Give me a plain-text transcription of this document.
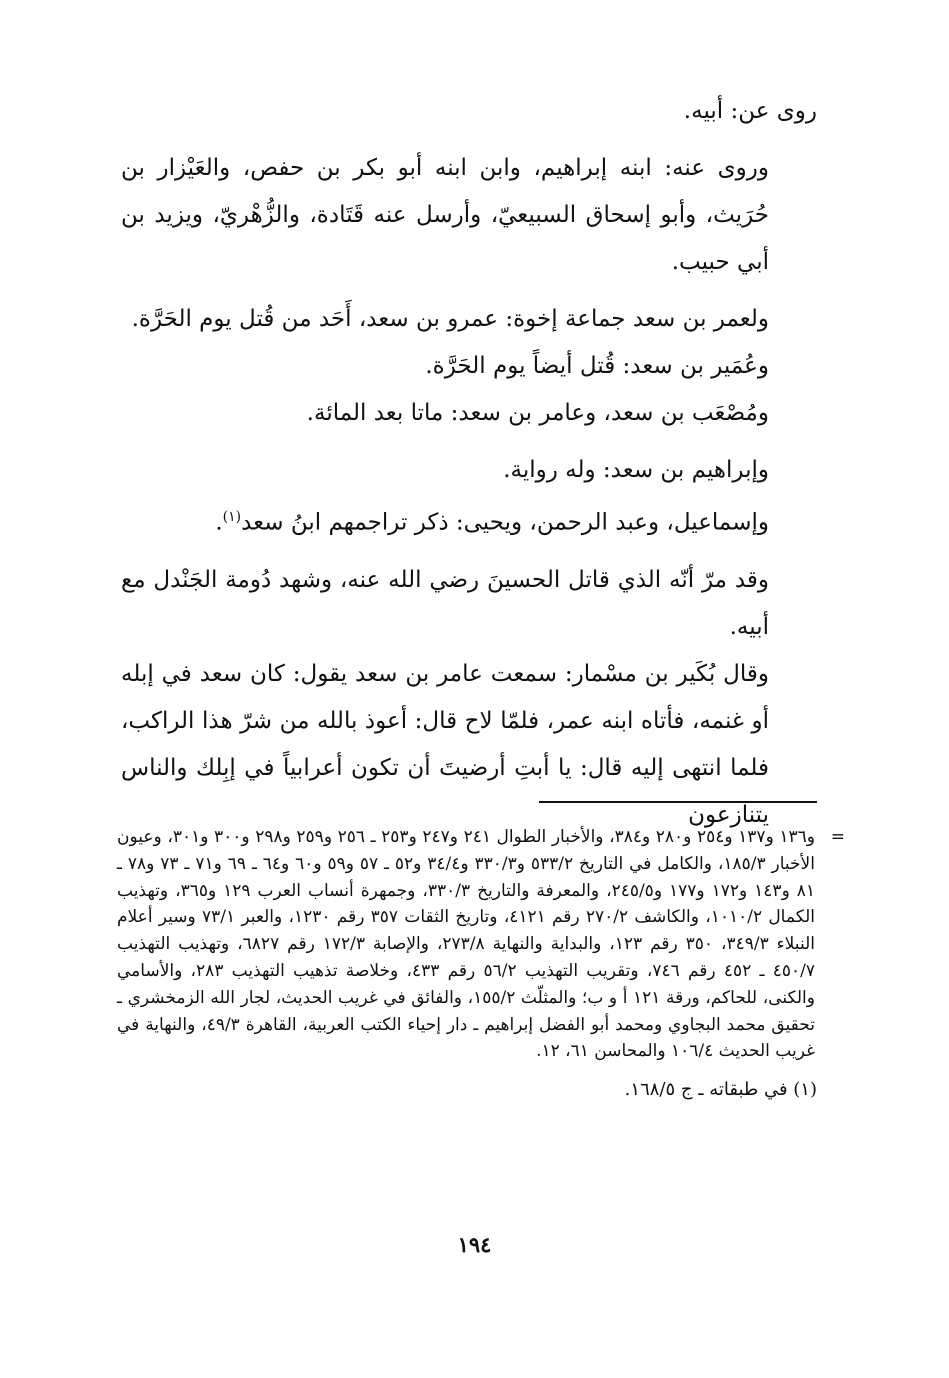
روى عن: أبيه.

وروى عنه: ابنه إبراهيم، وابن ابنه أبو بكر بن حفص، والعَيْزار بن حُرَيث، وأبو إسحاق السبيعيّ، وأرسل عنه قَتَادة، والزُّهْريّ، ويزيد بن أبي حبيب.

ولعمر بن سعد جماعة إخوة: عمرو بن سعد، أَحَد من قُتل يوم الحَرَّة.

وعُمَير بن سعد: قُتل أيضاً يوم الحَرَّة.

ومُصْعَب بن سعد، وعامر بن سعد: ماتا بعد المائة.

وإبراهيم بن سعد: وله رواية.

وإسماعيل، وعبد الرحمن، ويحيى: ذكر تراجمهم ابنُ سعد$^{(١)}$.

وقد مرّ أنّه الذي قاتل الحسينَ رضي الله عنه، وشهد دُومة الجَنْدل مع أبيه.

وقال بُكَير بن مسْمار: سمعت عامر بن سعد يقول: كان سعد في إبله أو غنمه، فأتاه ابنه عمر، فلمّا لاح قال: أعوذ بالله من شرّ هذا الراكب، فلما انتهى إليه قال: يا أبتِ أرضيتَ أن تكون أعرابياً في إبِلك والناس يتنازعون

=
و١٣٦ و١٣٧ و٢٥٤ و٢٨٠ و٣٨٤، والأخبار الطوال ٢٤١ و٢٤٧ و٢٥٣ ـ ٢٥٦ و٢٥٩ و٢٩٨ و٣٠٠ و٣٠١، وعيون الأخبار ١٨٥/٣، والكامل في التاريخ ٥٣٣/٢ و٣٣٠/٣ و٣٤/٤ و٥٢ ـ ٥٧ و٥٩ و٦٠ و٦٤ ـ ٦٩ و٧١ ـ ٧٣ و٧٨ ـ ٨١ و١٤٣ و١٧٢ و١٧٧ و٢٤٥/٥، والمعرفة والتاريخ ٣٣٠/٣، وجمهرة أنساب العرب ١٢٩ و٣٦٥، وتهذيب الكمال ١٠١٠/٢، والكاشف ٢٧٠/٢ رقم ٤١٢١، وتاريخ الثقات ٣٥٧ رقم ١٢٣٠، والعبر ٧٣/١ وسير أعلام النبلاء ٣٤٩/٣، ٣٥٠ رقم ١٢٣، والبداية والنهاية ٢٧٣/٨، والإصابة ١٧٢/٣ رقم ٦٨٢٧، وتهذيب التهذيب ٤٥٠/٧ ـ ٤٥٢ رقم ٧٤٦، وتقريب التهذيب ٥٦/٢ رقم ٤٣٣، وخلاصة تذهيب التهذيب ٢٨٣، والأسامي والكنى، للحاكم، ورقة ١٢١ أ و ب؛ والمثلّث ١٥٥/٢، والفائق في غريب الحديث، لجار الله الزمخشري ـ تحقيق محمد البجاوي ومحمد أبو الفضل إبراهيم ـ دار إحياء الكتب العربية، القاهرة ٤٩/٣، والنهاية في غريب الحديث ١٠٦/٤ والمحاسن ٦١، ١٢.
(١) في طبقاته ـ ج ١٦٨/٥.
١٩٤
